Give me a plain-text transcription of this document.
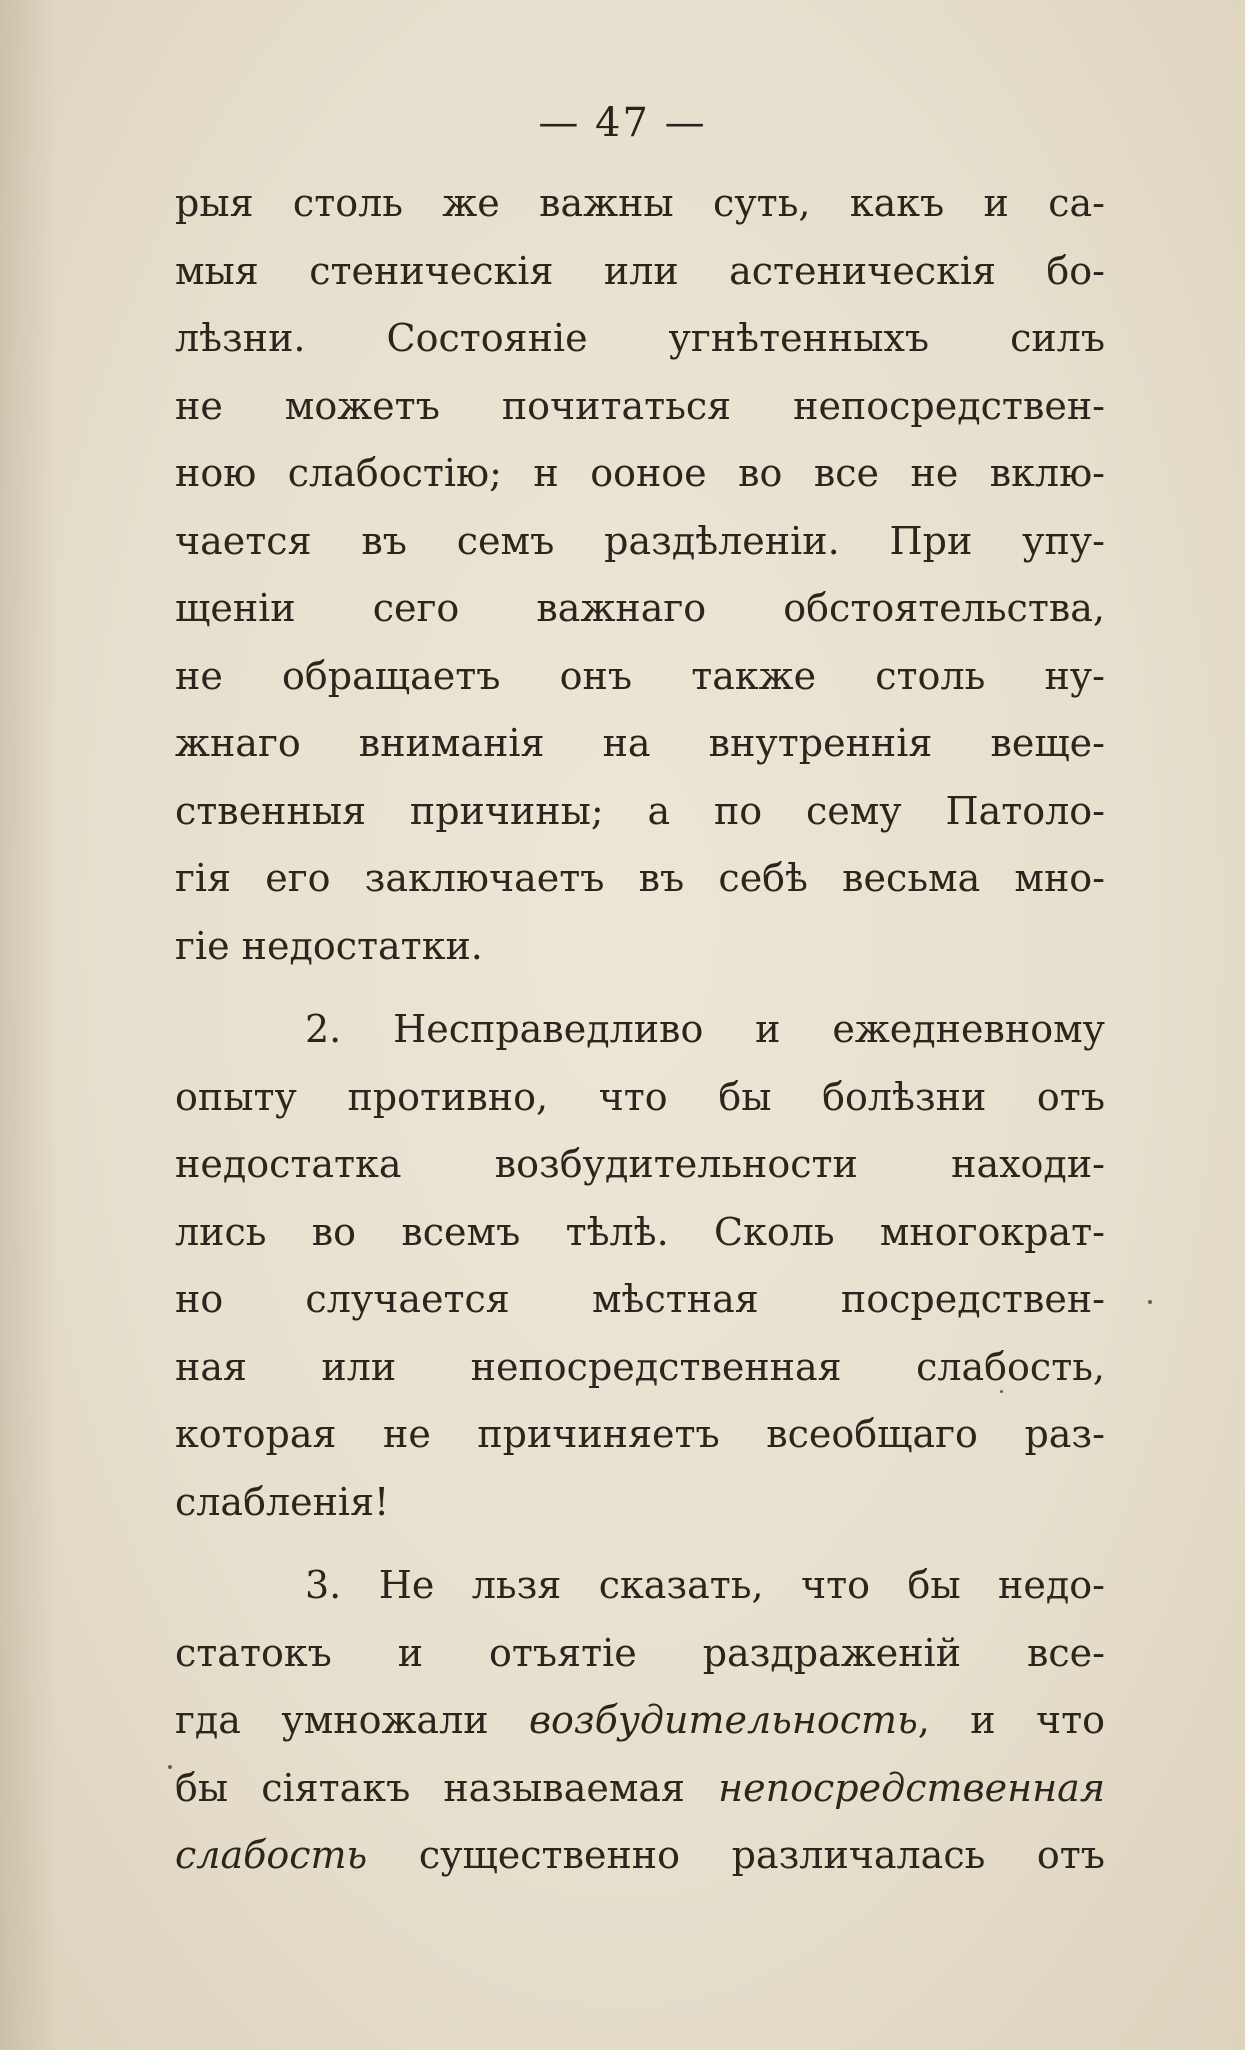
— 47 —
рыя столь же важны суть, какъ и са-
мыя стеническія или астеническія бо-
лѣзни. Состояніе угнѣтенныхъ силъ
не можетъ почитаться непосредствен-
ною слабостію; н ооное во все не вклю-
чается въ семъ раздѣленіи. При упу-
щеніи сего важнаго обстоятельства,
не обращаетъ онъ также столь ну-
жнаго вниманія на внутреннія веще-
ственныя причины; а по сему Патоло-
гія его заключаетъ въ себѣ весьма мно-
гіе недостатки.
2. Несправедливо и ежедневному
опыту противно, что бы болѣзни отъ
недостатка возбудительности находи-
лись во всемъ тѣлѣ. Сколь многократ-
но случается мѣстная посредствен-
ная или непосредственная слабость,
которая не причиняетъ всеобщаго раз-
слабленія!
3. Не льзя сказать, что бы недо-
статокъ и отъятіе раздраженій все-
гда умножали возбудительность, и что
бы сіятакъ называемая непосредственная
слабость существенно различалась отъ
